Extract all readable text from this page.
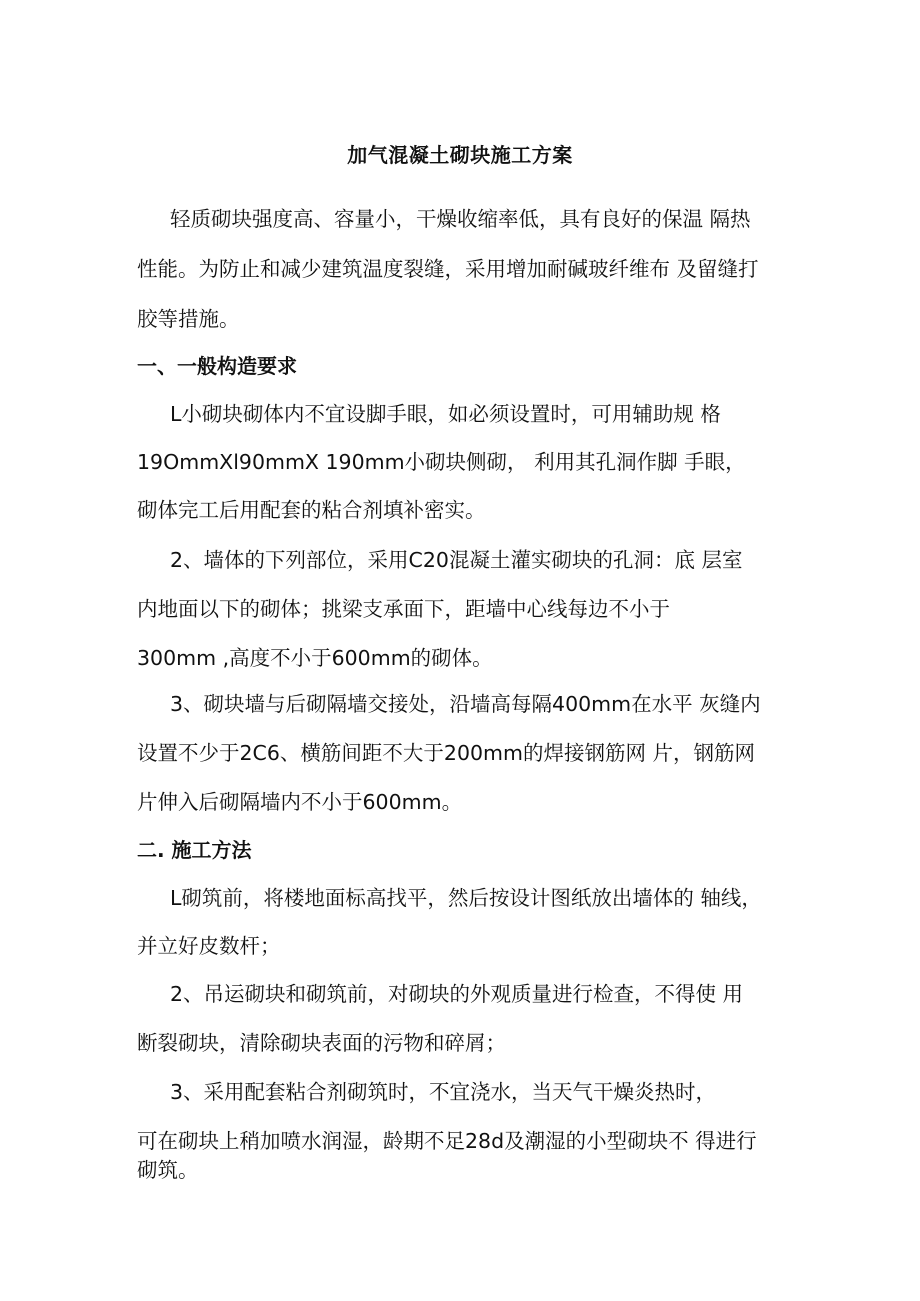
加气混凝土砌块施工方案
轻质砌块强度高、容量小，干燥收缩率低，具有良好的保温 隔热
性能。为防止和减少建筑温度裂缝，采用增加耐碱玻纤维布 及留缝打
胶等措施。
一、一般构造要求
L小砌块砌体内不宜设脚手眼，如必须设置时，可用辅助规 格
19OmmXl90mmX 190mm小砌块侧砌， 利用其孔洞作脚 手眼，
砌体完工后用配套的粘合剂填补密实。
2、墙体的下列部位，采用C20混凝土灌实砌块的孔洞：底 层室
内地面以下的砌体；挑梁支承面下，距墙中心线每边不小于
300mm ,高度不小于600mm的砌体。
3、砌块墙与后砌隔墙交接处，沿墙高每隔400mm在水平 灰缝内
设置不少于2C6、横筋间距不大于200mm的焊接钢筋网 片，钢筋网
片伸入后砌隔墙内不小于600mm。
二. 施工方法
L砌筑前，将楼地面标高找平，然后按设计图纸放出墙体的 轴线，
并立好皮数杆；
2、吊运砌块和砌筑前，对砌块的外观质量进行检查，不得使 用
断裂砌块，清除砌块表面的污物和碎屑；
3、采用配套粘合剂砌筑时，不宜浇水，当天气干燥炎热时，
可在砌块上稍加喷水润湿，龄期不足28d及潮湿的小型砌块不 得进行
砌筑。
